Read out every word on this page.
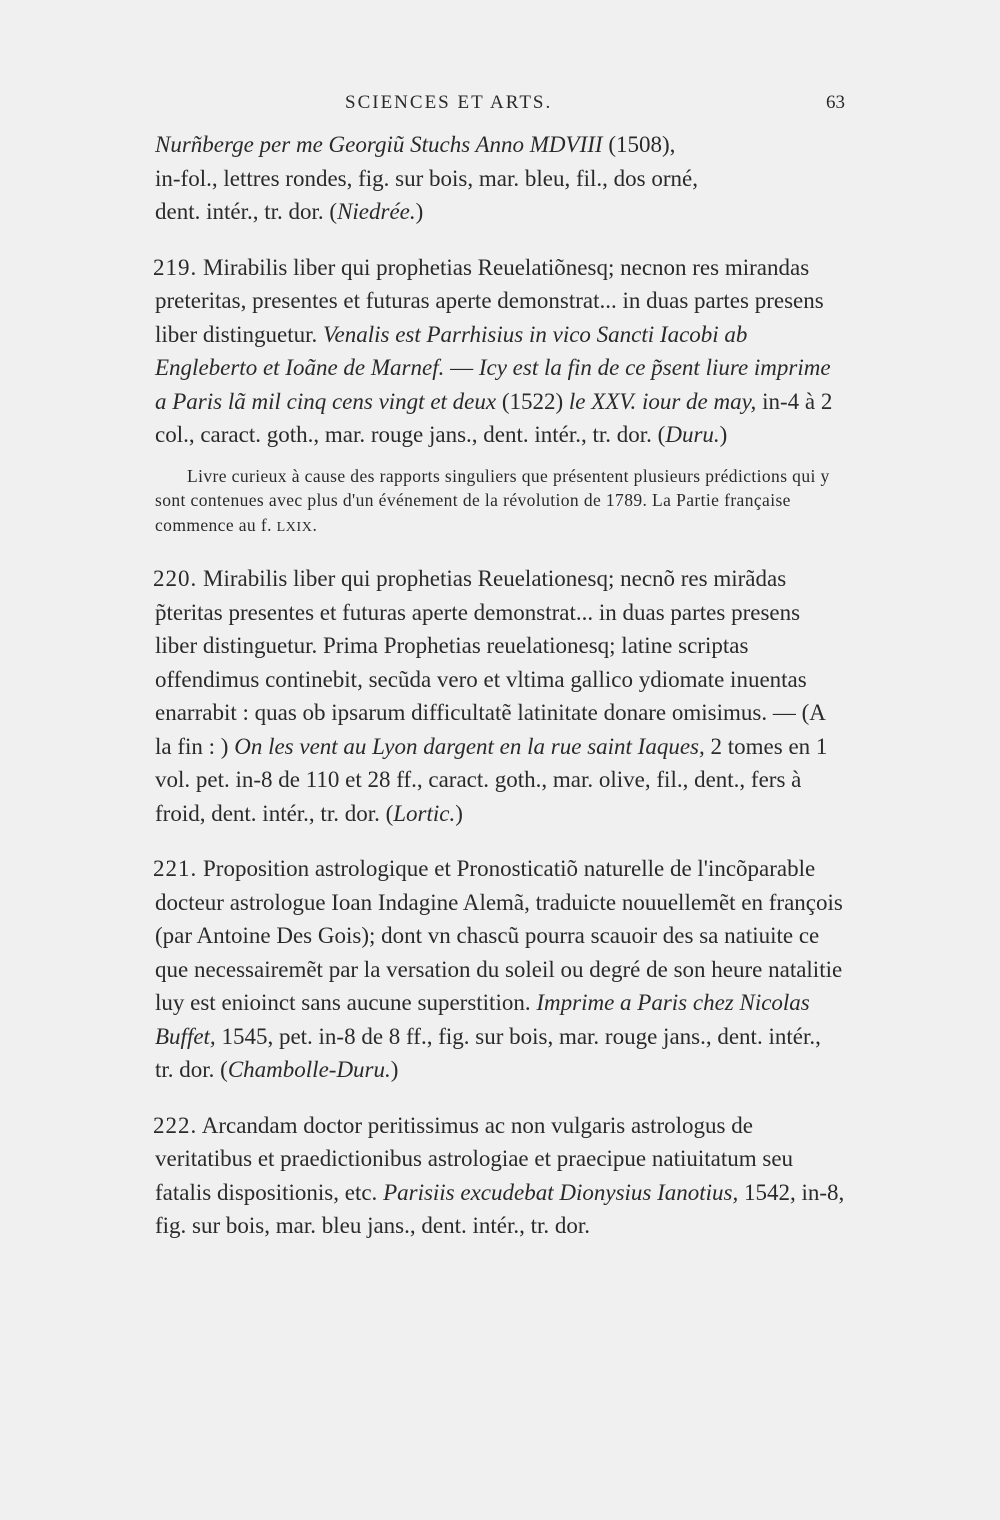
SCIENCES ET ARTS.	63

Nurñberge per me Georgiũ Stuchs Anno MDVIII (1508),
in-fol., lettres rondes, fig. sur bois, mar. bleu, fil., dos orné,
dent. intér., tr. dor. (Niedrée.)

219. Mirabilis liber qui prophetias Reuelatiõnesq; necnon res mirandas preteritas, presentes et futuras aperte demonstrat... in duas partes presens liber distinguetur. Venalis est Parrhisius in vico Sancti Iacobi ab Engleberto et Ioãne de Marnef. — Icy est la fin de ce p̃sent liure imprime a Paris lã mil cinq cens vingt et deux (1522) le XXV. iour de may, in-4 à 2 col., caract. goth., mar. rouge jans., dent. intér., tr. dor. (Duru.)

Livre curieux à cause des rapports singuliers que présentent plusieurs prédictions qui y sont contenues avec plus d'un événement de la révolution de 1789. La Partie française commence au f. LXIX.

220. Mirabilis liber qui prophetias Reuelationesq; necnõ res mirãdas p̃teritas presentes et futuras aperte demonstrat... in duas partes presens liber distinguetur. Prima Prophetias reuelationesq; latine scriptas offendimus continebit, secũda vero et vltima gallico ydiomate inuentas enarrabit : quas ob ipsarum difficultatẽ latinitate donare omisimus. — (A la fin : ) On les vent au Lyon dargent en la rue saint Iaques, 2 tomes en 1 vol. pet. in-8 de 110 et 28 ff., caract. goth., mar. olive, fil., dent., fers à froid, dent. intér., tr. dor. (Lortic.)

221. Proposition astrologique et Pronosticatiõ naturelle de l'incõparable docteur astrologue Ioan Indagine Alemã, traduicte nouuellemẽt en françois (par Antoine Des Gois); dont vn chascũ pourra scauoir des sa natiuite ce que necessairemẽt par la versation du soleil ou degré de son heure natalitie luy est enioinct sans aucune superstition. Imprime a Paris chez Nicolas Buffet, 1545, pet. in-8 de 8 ff., fig. sur bois, mar. rouge jans., dent. intér., tr. dor. (Chambolle-Duru.)

222. Arcandam doctor peritissimus ac non vulgaris astrologus de veritatibus et praedictionibus astrologiae et praecipue natiuitatum seu fatalis dispositionis, etc. Parisiis excudebat Dionysius Ianotius, 1542, in-8, fig. sur bois, mar. bleu jans., dent. intér., tr. dor.
